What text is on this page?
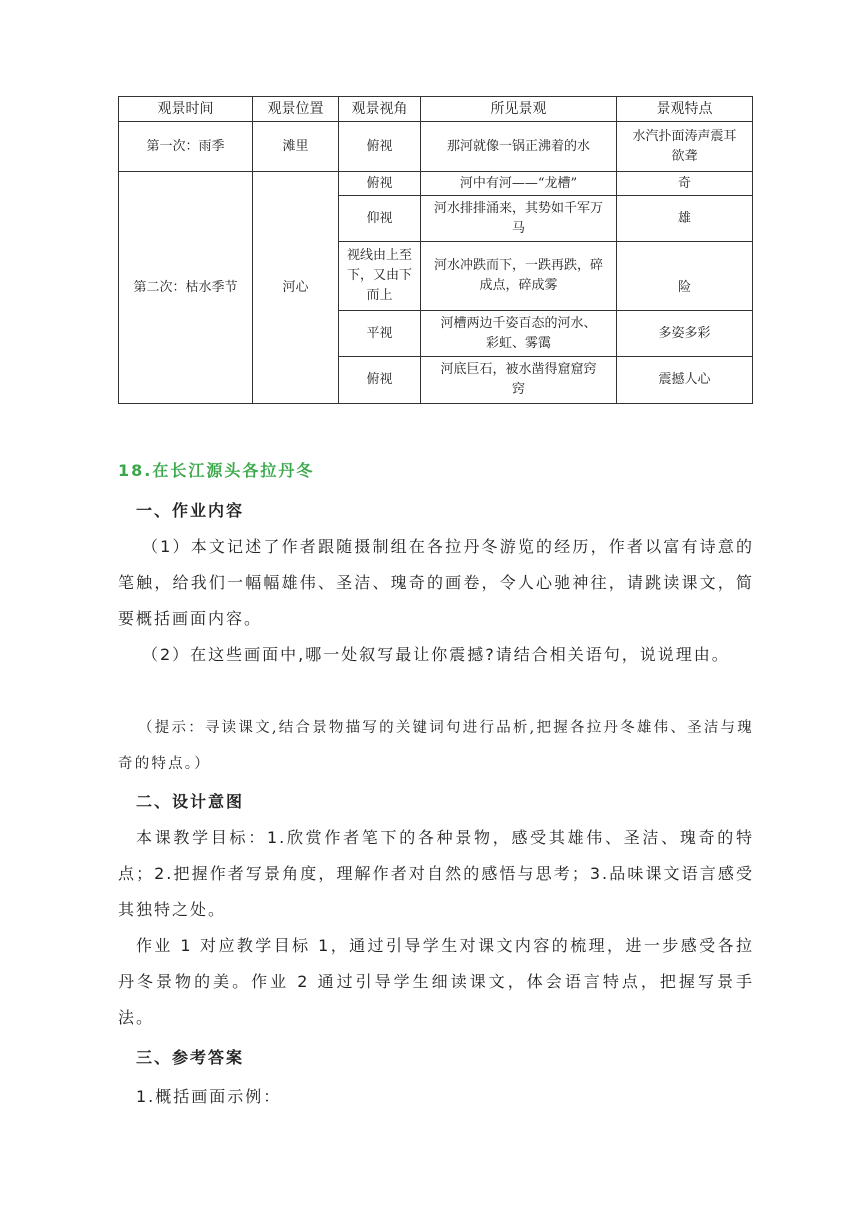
观景时间	观景位置	观景视角	所见景观	景观特点
第一次：雨季	滩里	俯视	那河就像一锅正沸着的水	水汽扑面涛声震耳欲聋
第二次：枯水季节	河心	俯视	河中有河——“龙槽”	奇
		仰视	河水排排涌来，其势如千军万马	雄
		视线由上至下，又由下而上	河水冲跌而下，一跌再跌，碎成点，碎成雾	险
		平视	河槽两边千姿百态的河水、彩虹、雾霭	多姿多彩
		俯视	河底巨石，被水凿得窟窟窍窍	震撼人心
18.在长江源头各拉丹冬
一、作业内容
（1）本文记述了作者跟随摄制组在各拉丹冬游览的经历，作者以富有诗意的笔触，给我们一幅幅雄伟、圣洁、瑰奇的画卷，令人心驰神往，请跳读课文，简要概括画面内容。
（2）在这些画面中,哪一处叙写最让你震撼?请结合相关语句，说说理由。
（提示：寻读课文,结合景物描写的关键词句进行品析,把握各拉丹冬雄伟、圣洁与瑰奇的特点。）
二、设计意图
本课教学目标：1.欣赏作者笔下的各种景物，感受其雄伟、圣洁、瑰奇的特点；2.把握作者写景角度，理解作者对自然的感悟与思考；3.品味课文语言感受其独特之处。
作业 1 对应教学目标 1，通过引导学生对课文内容的梳理，进一步感受各拉丹冬景物的美。作业 2 通过引导学生细读课文，体会语言特点，把握写景手法。
三、参考答案
1.概括画面示例：
